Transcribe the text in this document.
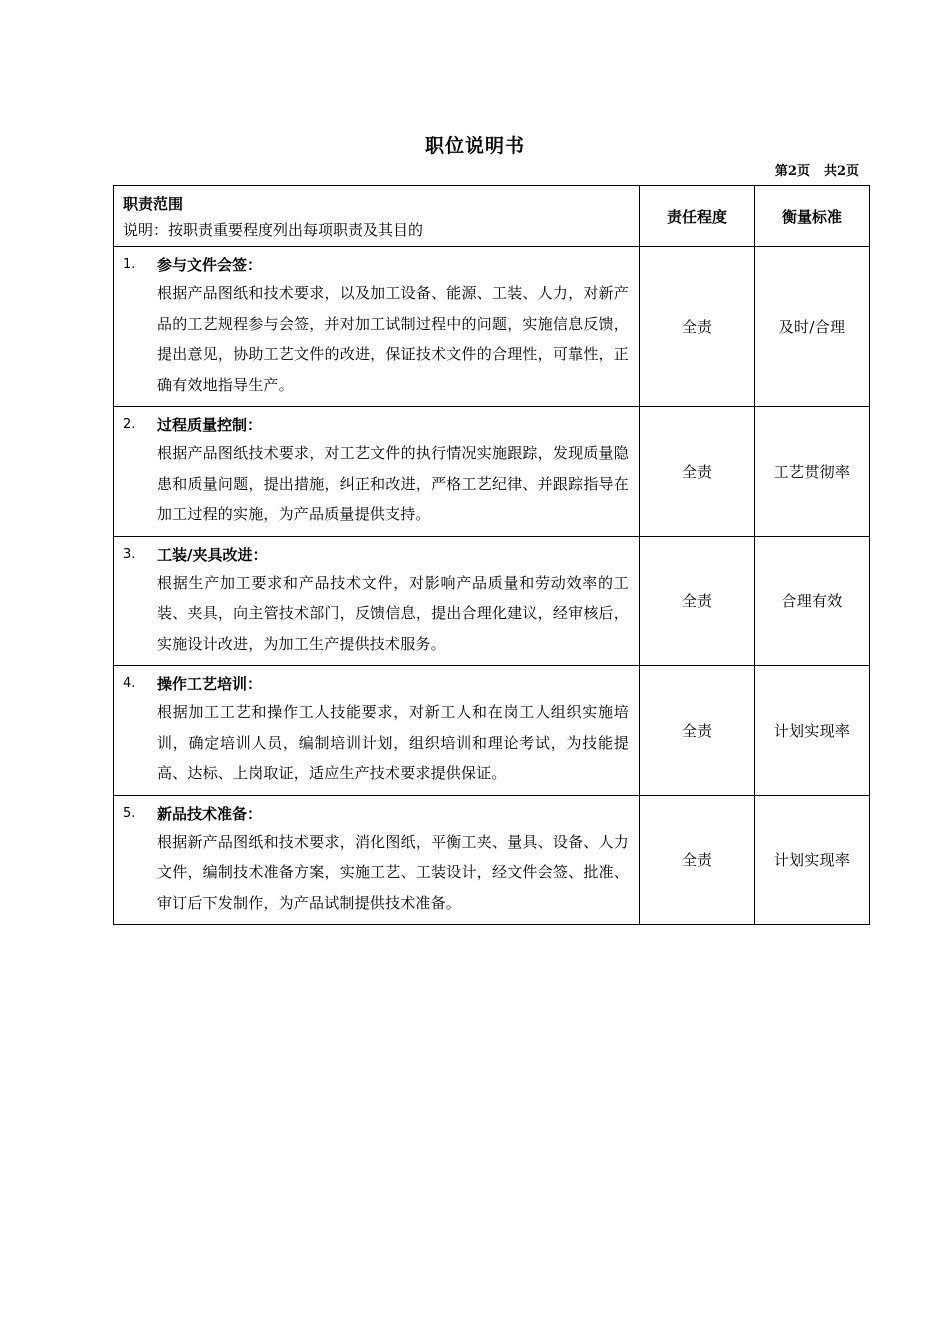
职位说明书
第2页 共2页
职责范围
说明：按职责重要程度列出每项职责及其目的	责任程度	衡量标准

1. 参与文件会签：
根据产品图纸和技术要求，以及加工设备、能源、工装、人力，对新产品的工艺规程参与会签，并对加工试制过程中的问题，实施信息反馈，提出意见，协助工艺文件的改进，保证技术文件的合理性，可靠性，正确有效地指导生产。	全责	及时/合理

2. 过程质量控制：
根据产品图纸技术要求，对工艺文件的执行情况实施跟踪，发现质量隐患和质量问题，提出措施，纠正和改进，严格工艺纪律、并跟踪指导在加工过程的实施，为产品质量提供支持。	全责	工艺贯彻率

3. 工装/夹具改进：
根据生产加工要求和产品技术文件，对影响产品质量和劳动效率的工装、夹具，向主管技术部门，反馈信息，提出合理化建议，经审核后，实施设计改进，为加工生产提供技术服务。	全责	合理有效

4. 操作工艺培训：
根据加工工艺和操作工人技能要求，对新工人和在岗工人组织实施培训，确定培训人员，编制培训计划，组织培训和理论考试，为技能提高、达标、上岗取证，适应生产技术要求提供保证。	全责	计划实现率

5. 新品技术准备：
根据新产品图纸和技术要求，消化图纸，平衡工夹、量具、设备、人力文件，编制技术准备方案，实施工艺、工装设计，经文件会签、批准、审订后下发制作，为产品试制提供技术准备。	全责	计划实现率
